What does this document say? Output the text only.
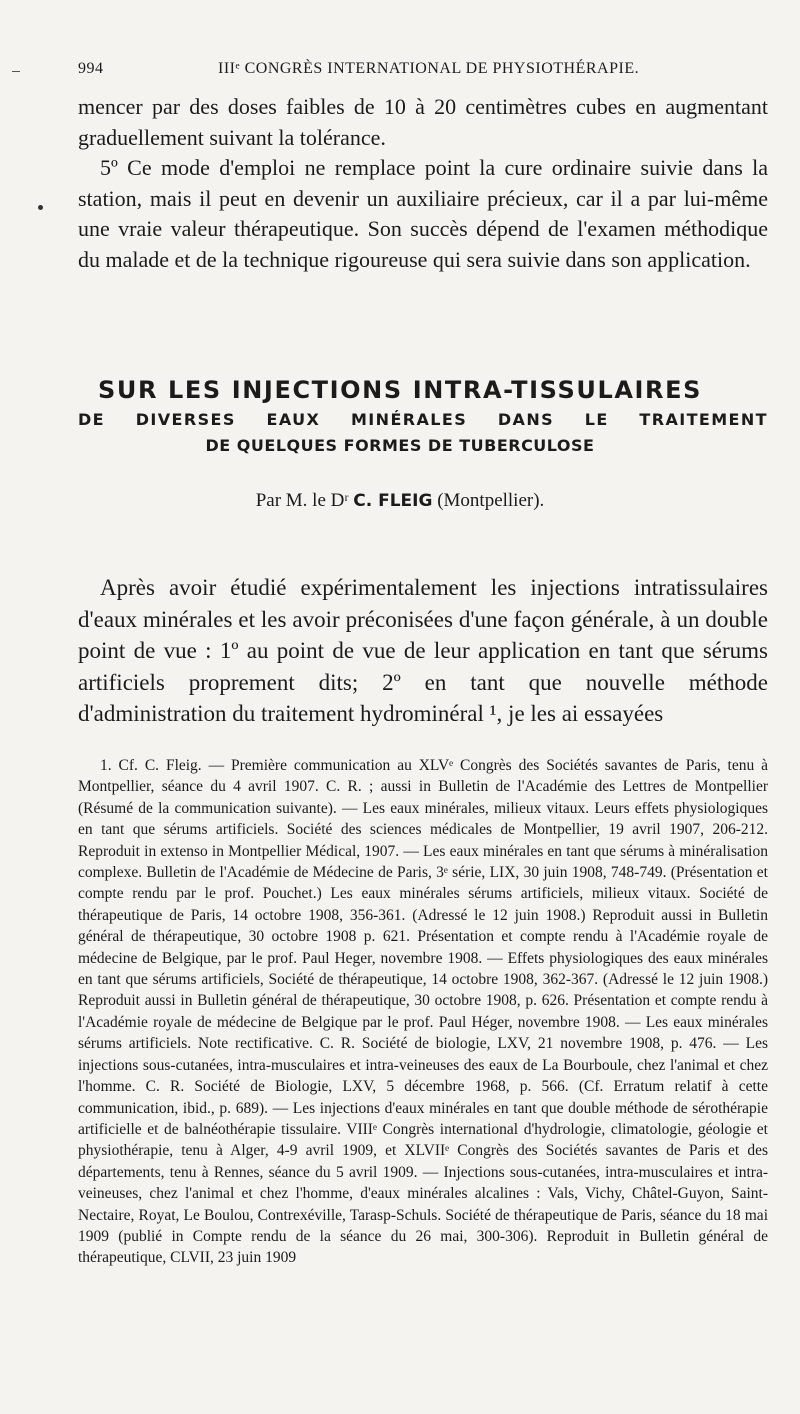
994	IIIᵉ CONGRÈS INTERNATIONAL DE PHYSIOTHÉRAPIE.

mencer par des doses faibles de 10 à 20 centimètres cubes en augmentant graduellement suivant la tolérance.

5º Ce mode d'emploi ne remplace point la cure ordinaire suivie dans la station, mais il peut en devenir un auxiliaire précieux, car il a par lui-même une vraie valeur thérapeutique. Son succès dépend de l'examen méthodique du malade et de la technique rigoureuse qui sera suivie dans son application.

SUR LES INJECTIONS INTRA-TISSULAIRES
DE DIVERSES EAUX MINÉRALES DANS LE TRAITEMENT
DE QUELQUES FORMES DE TUBERCULOSE
Par M. le Dʳ C. FLEIG (Montpellier).

Après avoir étudié expérimentalement les injections intratissulaires d'eaux minérales et les avoir préconisées d'une façon générale, à un double point de vue : 1º au point de vue de leur application en tant que sérums artificiels proprement dits; 2º en tant que nouvelle méthode d'administration du traitement hydrominéral ¹, je les ai essayées

1. Cf. C. Fleig. — Première communication au XLVᵉ Congrès des Sociétés savantes de Paris, tenu à Montpellier, séance du 4 avril 1907. C. R. ; aussi in Bulletin de l'Académie des Lettres de Montpellier (Résumé de la communication suivante). — Les eaux minérales, milieux vitaux. Leurs effets physiologiques en tant que sérums artificiels. Société des sciences médicales de Montpellier, 19 avril 1907, 206-212. Reproduit in extenso in Montpellier Médical, 1907. — Les eaux minérales en tant que sérums à minéralisation complexe. Bulletin de l'Académie de Médecine de Paris, 3ᵉ série, LIX, 30 juin 1908, 748-749. (Présentation et compte rendu par le prof. Pouchet.) Les eaux minérales sérums artificiels, milieux vitaux. Société de thérapeutique de Paris, 14 octobre 1908, 356-361. (Adressé le 12 juin 1908.) Reproduit aussi in Bulletin général de thérapeutique, 30 octobre 1908 p. 621. Présentation et compte rendu à l'Académie royale de médecine de Belgique, par le prof. Paul Heger, novembre 1908. — Effets physiologiques des eaux minérales en tant que sérums artificiels, Société de thérapeutique, 14 octobre 1908, 362-367. (Adressé le 12 juin 1908.) Reproduit aussi in Bulletin général de thérapeutique, 30 octobre 1908, p. 626. Présentation et compte rendu à l'Académie royale de médecine de Belgique par le prof. Paul Héger, novembre 1908. — Les eaux minérales sérums artificiels. Note rectificative. C. R. Société de biologie, LXV, 21 novembre 1908, p. 476. — Les injections sous-cutanées, intra-musculaires et intra-veineuses des eaux de La Bourboule, chez l'animal et chez l'homme. C. R. Société de Biologie, LXV, 5 décembre 1968, p. 566. (Cf. Erratum relatif à cette communication, ibid., p. 689). — Les injections d'eaux minérales en tant que double méthode de sérothérapie artificielle et de balnéothérapie tissulaire. VIIIᵉ Congrès international d'hydrologie, climatologie, géologie et physiothérapie, tenu à Alger, 4-9 avril 1909, et XLVIIᵉ Congrès des Sociétés savantes de Paris et des départements, tenu à Rennes, séance du 5 avril 1909. — Injections sous-cutanées, intra-musculaires et intra-veineuses, chez l'animal et chez l'homme, d'eaux minérales alcalines : Vals, Vichy, Châtel-Guyon, Saint-Nectaire, Royat, Le Boulou, Contrexéville, Tarasp-Schuls. Société de thérapeutique de Paris, séance du 18 mai 1909 (publié in Compte rendu de la séance du 26 mai, 300-306). Reproduit in Bulletin général de thérapeutique, CLVII, 23 juin 1909
